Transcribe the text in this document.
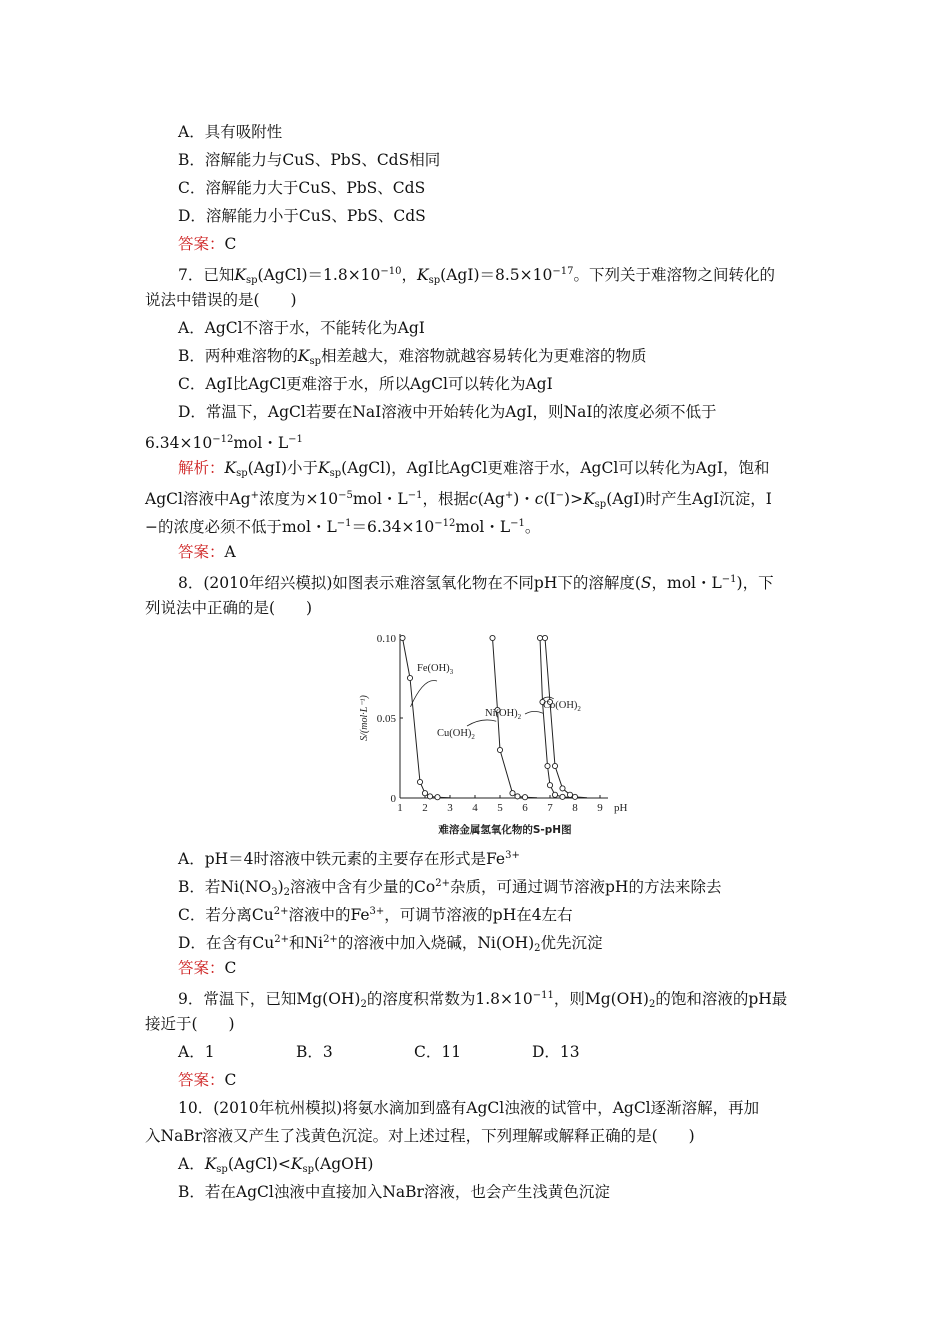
A．具有吸附性
B．溶解能力与CuS、PbS、CdS相同
C．溶解能力大于CuS、PbS、CdS
D．溶解能力小于CuS、PbS、CdS
答案：C
7．已知$K_{sp}(AgCl)=1.8\times 10^{-10}$，$K_{sp}(AgI)=8.5\times 10^{-17}$。下列关于难溶物之间转化的
说法中错误的是(　　)
A．AgCl不溶于水，不能转化为AgI
B．两种难溶物的$K_{sp}$相差越大，难溶物就越容易转化为更难溶的物质
C．AgI比AgCl更难溶于水，所以AgCl可以转化为AgI
D．常温下，AgCl若要在NaI溶液中开始转化为AgI，则NaI的浓度必须不低于
$6.34\times 10^{-12}mol$・$L^{-1}$
解析：$K_{sp}(AgI)$小于$K_{sp}(AgCl)$，AgI比AgCl更难溶于水，AgCl可以转化为AgI，饱和
AgCl溶液中Ag+浓度为$\times 10^{-5}mol$・$L^{-1}$，根据c(Ag+)・$c(I^-)>K_{sp}(AgI)$时产生AgI沉淀，I
−的浓度必须不低于mol・$L^{-1}=6.34\times 10^{-12}mol$・$L^{-1}$。
答案：A
8．(2010年绍兴模拟)如图表示难溶氢氧化物在不同pH下的溶解度(S，mol・$L^{-1}$)，下
列说法中正确的是(　　)
1 2 3 4 5 6 7 8 9 pH
0
0.05
0.10
S/(mol·L⁻¹)
$Fe(OH)_3$
$Cu(OH)_2$
$Ni(OH)_2$
$Co(OH)_2$
难溶金属氢氧化物的S-pH图
A．pH＝4时溶液中铁元素的主要存在形式是$Fe^{3+}$
B．若$Ni(NO_3)_2$溶液中含有少量的$Co^{2+}$杂质，可通过调节溶液pH的方法来除去
C．若分离$Cu^{2+}$溶液中的$Fe^{3+}$，可调节溶液的pH在4左右
D．在含有$Cu^{2+}$和$Ni^{2+}$的溶液中加入烧碱，$Ni(OH)_2$优先沉淀
答案：C
9．常温下，已知$Mg(OH)_2$的溶度积常数为$1.8\times 10^{-11}$，则$Mg(OH)_2$的饱和溶液的pH最
接近于(　　)
A．1	B．3	C．11	D．13
答案：C
10．(2010年杭州模拟)将氨水滴加到盛有AgCl浊液的试管中，AgCl逐渐溶解，再加
入NaBr溶液又产生了浅黄色沉淀。对上述过程，下列理解或解释正确的是(　　)
A．$K_{sp}(AgCl)<K_{sp}(AgOH)$
B．若在AgCl浊液中直接加入NaBr溶液，也会产生浅黄色沉淀
